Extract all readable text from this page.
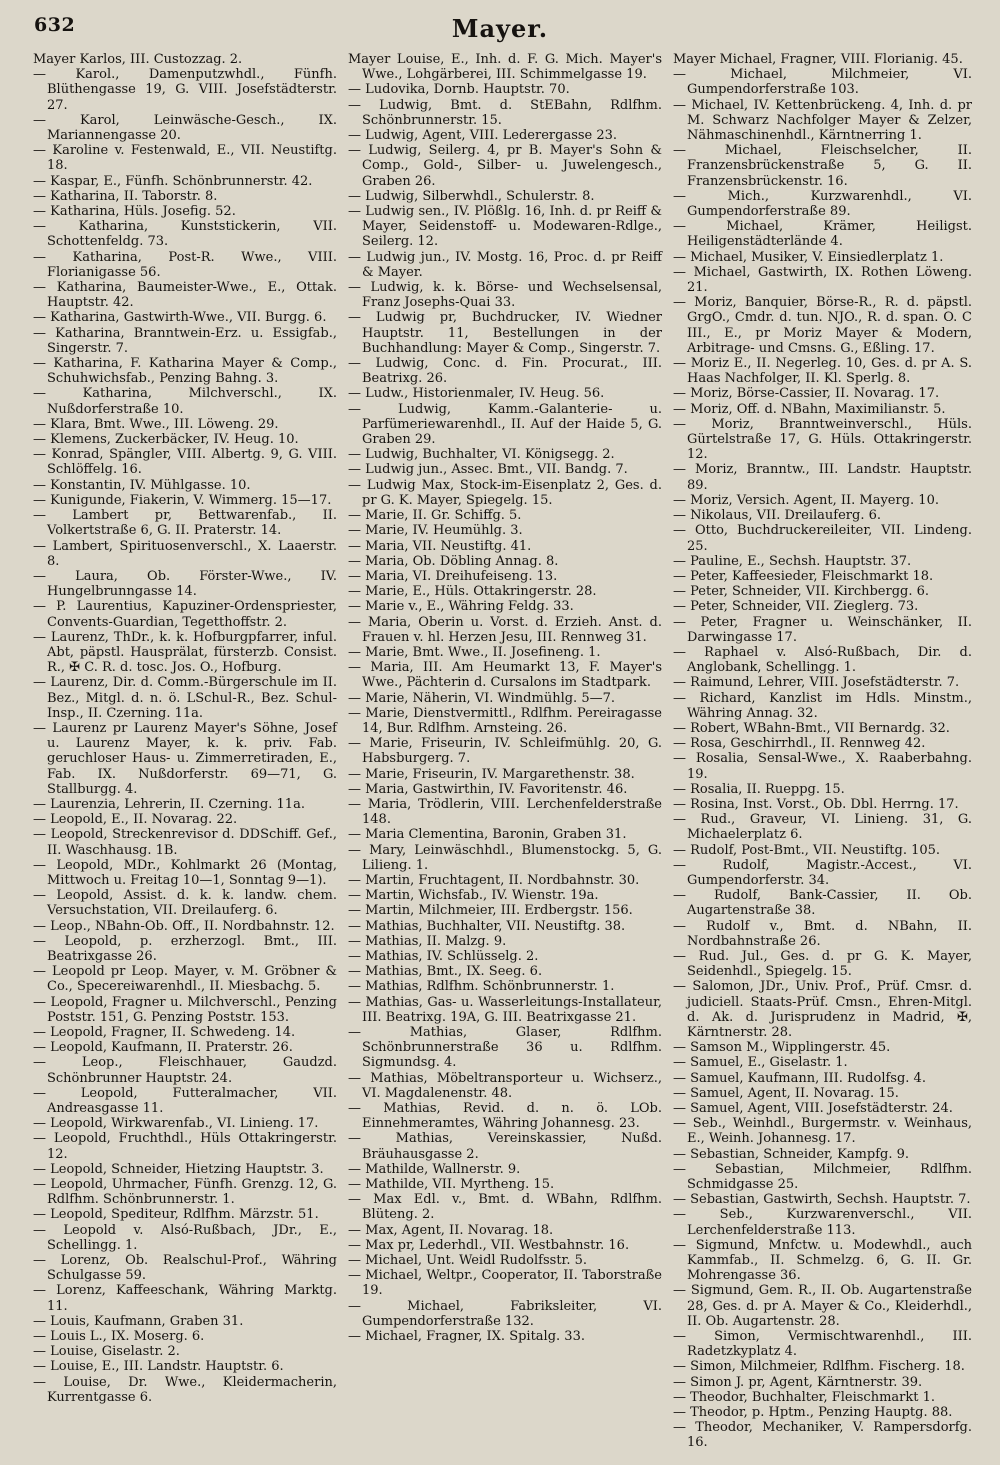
632	Mayer.

Mayer Karlos, III. Custozzag. 2.

— Karol., Damenputzwhdl., Fünfh. Blüthengasse 19, G. VIII. Josefstädterstr. 27.

— Karol, Leinwäsche-Gesch., IX. Mariannengasse 20.

— Karoline v. Festenwald, E., VII. Neustiftg. 18.

— Kaspar, E., Fünfh. Schönbrunnerstr. 42.

— Katharina, II. Taborstr. 8.

— Katharina, Hüls. Josefig. 52.

— Katharina, Kunststickerin, VII. Schottenfeldg. 73.

— Katharina, Post-R. Wwe., VIII. Florianigasse 56.

— Katharina, Baumeister-Wwe., E., Ottak. Hauptstr. 42.

— Katharina, Gastwirth-Wwe., VII. Burgg. 6.

— Katharina, Branntwein-Erz. u. Essigfab., Singerstr. 7.

— Katharina, F. Katharina Mayer & Comp., Schuhwichsfab., Penzing Bahng. 3.

— Katharina, Milchverschl., IX. Nußdorferstraße 10.

— Klara, Bmt. Wwe., III. Löweng. 29.

— Klemens, Zuckerbäcker, IV. Heug. 10.

— Konrad, Spängler, VIII. Albertg. 9, G. VIII. Schlöffelg. 16.

— Konstantin, IV. Mühlgasse. 10.

— Kunigunde, Fiakerin, V. Wimmerg. 15—17.

— Lambert pr, Bettwarenfab., II. Volkertstraße 6, G. II. Praterstr. 14.

— Lambert, Spirituosenverschl., X. Laaerstr. 8.

— Laura, Ob. Förster-Wwe., IV. Hungelbrunngasse 14.

— P. Laurentius, Kapuziner-Ordenspriester, Convents-Guardian, Tegetthoffstr. 2.

— Laurenz, ThDr., k. k. Hofburgpfarrer, inful. Abt, päpstl. Hausprälat, fürsterzb. Consist. R., ✠ C. R. d. tosc. Jos. O., Hofburg.

— Laurenz, Dir. d. Comm.-Bürgerschule im II. Bez., Mitgl. d. n. ö. LSchul-R., Bez. Schul-Insp., II. Czerning. 11a.

— Laurenz pr Laurenz Mayer's Söhne, Josef u. Laurenz Mayer, k. k. priv. Fab. geruchloser Haus- u. Zimmerretiraden, E., Fab. IX. Nußdorferstr. 69—71, G. Stallburgg. 4.

— Laurenzia, Lehrerin, II. Czerning. 11a.

— Leopold, E., II. Novarag. 22.

— Leopold, Streckenrevisor d. DDSchiff. Gef., II. Waschhausg. 1B.

— Leopold, MDr., Kohlmarkt 26 (Montag, Mittwoch u. Freitag 10—1, Sonntag 9—1).

— Leopold, Assist. d. k. k. landw. chem. Versuchstation, VII. Dreilauferg. 6.

— Leop., NBahn-Ob. Off., II. Nordbahnstr. 12.

— Leopold, p. erzherzogl. Bmt., III. Beatrixgasse 26.

— Leopold pr Leop. Mayer, v. M. Gröbner & Co., Specereiwarenhdl., II. Miesbachg. 5.

— Leopold, Fragner u. Milchverschl., Penzing Poststr. 151, G. Penzing Poststr. 153.

— Leopold, Fragner, II. Schwedeng. 14.

— Leopold, Kaufmann, II. Praterstr. 26.

— Leop., Fleischhauer, Gaudzd. Schönbrunner Hauptstr. 24.

— Leopold, Futteralmacher, VII. Andreasgasse 11.

— Leopold, Wirkwarenfab., VI. Linieng. 17.

— Leopold, Fruchthdl., Hüls Ottakringerstr. 12.

— Leopold, Schneider, Hietzing Hauptstr. 3.

— Leopold, Uhrmacher, Fünfh. Grenzg. 12, G. Rdlfhm. Schönbrunnerstr. 1.

— Leopold, Spediteur, Rdlfhm. Märzstr. 51.

— Leopold v. Alsó-Rußbach, JDr., E., Schellingg. 1.

— Lorenz, Ob. Realschul-Prof., Währing Schulgasse 59.

— Lorenz, Kaffeeschank, Währing Marktg. 11.

— Louis, Kaufmann, Graben 31.

— Louis L., IX. Moserg. 6.

— Louise, Giselastr. 2.

— Louise, E., III. Landstr. Hauptstr. 6.

— Louise, Dr. Wwe., Kleidermacherin, Kurrentgasse 6.

Mayer Louise, E., Inh. d. F. G. Mich. Mayer's Wwe., Lohgärberei, III. Schimmelgasse 19.

— Ludovika, Dornb. Hauptstr. 70.

— Ludwig, Bmt. d. StEBahn, Rdlfhm. Schönbrunnerstr. 15.

— Ludwig, Agent, VIII. Lederergasse 23.

— Ludwig, Seilerg. 4, pr B. Mayer's Sohn & Comp., Gold-, Silber- u. Juwelengesch., Graben 26.

— Ludwig, Silberwhdl., Schulerstr. 8.

— Ludwig sen., IV. Plößlg. 16, Inh. d. pr Reiff & Mayer, Seidenstoff- u. Modewaren-Rdlge., Seilerg. 12.

— Ludwig jun., IV. Mostg. 16, Proc. d. pr Reiff & Mayer.

— Ludwig, k. k. Börse- und Wechselsensal, Franz Josephs-Quai 33.

— Ludwig pr, Buchdrucker, IV. Wiedner Hauptstr. 11, Bestellungen in der Buchhandlung: Mayer & Comp., Singerstr. 7.

— Ludwig, Conc. d. Fin. Procurat., III. Beatrixg. 26.

— Ludw., Historienmaler, IV. Heug. 56.

— Ludwig, Kamm.-Galanterie- u. Parfümeriewarenhdl., II. Auf der Haide 5, G. Graben 29.

— Ludwig, Buchhalter, VI. Königsegg. 2.

— Ludwig jun., Assec. Bmt., VII. Bandg. 7.

— Ludwig Max, Stock-im-Eisenplatz 2, Ges. d. pr G. K. Mayer, Spiegelg. 15.

— Marie, II. Gr. Schiffg. 5.

— Marie, IV. Heumühlg. 3.

— Maria, VII. Neustiftg. 41.

— Maria, Ob. Döbling Annag. 8.

— Maria, VI. Dreihufeiseng. 13.

— Marie, E., Hüls. Ottakringerstr. 28.

— Marie v., E., Währing Feldg. 33.

— Maria, Oberin u. Vorst. d. Erzieh. Anst. d. Frauen v. hl. Herzen Jesu, III. Rennweg 31.

— Marie, Bmt. Wwe., II. Josefineng. 1.

— Maria, III. Am Heumarkt 13, F. Mayer's Wwe., Pächterin d. Cursalons im Stadtpark.

— Marie, Näherin, VI. Windmühlg. 5—7.

— Marie, Dienstvermittl., Rdlfhm. Pereiragasse 14, Bur. Rdlfhm. Arnsteing. 26.

— Marie, Friseurin, IV. Schleifmühlg. 20, G. Habsburgerg. 7.

— Marie, Friseurin, IV. Margarethenstr. 38.

— Maria, Gastwirthin, IV. Favoritenstr. 46.

— Maria, Trödlerin, VIII. Lerchenfelderstraße 148.

— Maria Clementina, Baronin, Graben 31.

— Mary, Leinwäschhdl., Blumenstockg. 5, G. Lilieng. 1.

— Martin, Fruchtagent, II. Nordbahnstr. 30.

— Martin, Wichsfab., IV. Wienstr. 19a.

— Martin, Milchmeier, III. Erdbergstr. 156.

— Mathias, Buchhalter, VII. Neustiftg. 38.

— Mathias, II. Malzg. 9.

— Mathias, IV. Schlüsselg. 2.

— Mathias, Bmt., IX. Seeg. 6.

— Mathias, Rdlfhm. Schönbrunnerstr. 1.

— Mathias, Gas- u. Wasserleitungs-Installateur, III. Beatrixg. 19A, G. III. Beatrixgasse 21.

— Mathias, Glaser, Rdlfhm. Schönbrunnerstraße 36 u. Rdlfhm. Sigmundsg. 4.

— Mathias, Möbeltransporteur u. Wichserz., VI. Magdalenenstr. 48.

— Mathias, Revid. d. n. ö. LOb. Einnehmeramtes, Währing Johannesg. 23.

— Mathias, Vereinskassier, Nußd. Bräuhausgasse 2.

— Mathilde, Wallnerstr. 9.

— Mathilde, VII. Myrtheng. 15.

— Max Edl. v., Bmt. d. WBahn, Rdlfhm. Blüteng. 2.

— Max, Agent, II. Novarag. 18.

— Max pr, Lederhdl., VII. Westbahnstr. 16.

— Michael, Unt. Weidl Rudolfsstr. 5.

— Michael, Weltpr., Cooperator, II. Taborstraße 19.

— Michael, Fabriksleiter, VI. Gumpendorferstraße 132.

— Michael, Fragner, IX. Spitalg. 33.

Mayer Michael, Fragner, VIII. Florianig. 45.

— Michael, Milchmeier, VI. Gumpendorferstraße 103.

— Michael, IV. Kettenbrückeng. 4, Inh. d. pr M. Schwarz Nachfolger Mayer & Zelzer, Nähmaschinenhdl., Kärntnerring 1.

— Michael, Fleischselcher, II. Franzensbrückenstraße 5, G. II. Franzensbrückenstr. 16.

— Mich., Kurzwarenhdl., VI. Gumpendorferstraße 89.

— Michael, Krämer, Heiligst. Heiligenstädterlände 4.

— Michael, Musiker, V. Einsiedlerplatz 1.

— Michael, Gastwirth, IX. Rothen Löweng. 21.

— Moriz, Banquier, Börse-R., R. d. päpstl. GrgO., Cmdr. d. tun. NJO., R. d. span. O. C III., E., pr Moriz Mayer & Modern, Arbitrage- und Cmsns. G., Eßling. 17.

— Moriz E., II. Negerleg. 10, Ges. d. pr A. S. Haas Nachfolger, II. Kl. Sperlg. 8.

— Moriz, Börse-Cassier, II. Novarag. 17.

— Moriz, Off. d. NBahn, Maximilianstr. 5.

— Moriz, Branntweinverschl., Hüls. Gürtelstraße 17, G. Hüls. Ottakringerstr. 12.

— Moriz, Branntw., III. Landstr. Hauptstr. 89.

— Moriz, Versich. Agent, II. Mayerg. 10.

— Nikolaus, VII. Dreilauferg. 6.

— Otto, Buchdruckereileiter, VII. Lindeng. 25.

— Pauline, E., Sechsh. Hauptstr. 37.

— Peter, Kaffeesieder, Fleischmarkt 18.

— Peter, Schneider, VII. Kirchbergg. 6.

— Peter, Schneider, VII. Zieglerg. 73.

— Peter, Fragner u. Weinschänker, II. Darwingasse 17.

— Raphael v. Alsó-Rußbach, Dir. d. Anglobank, Schellingg. 1.

— Raimund, Lehrer, VIII. Josefstädterstr. 7.

— Richard, Kanzlist im Hdls. Minstm., Währing Annag. 32.

— Robert, WBahn-Bmt., VII Bernardg. 32.

— Rosa, Geschirrhdl., II. Rennweg 42.

— Rosalia, Sensal-Wwe., X. Raaberbahng. 19.

— Rosalia, II. Rueppg. 15.

— Rosina, Inst. Vorst., Ob. Dbl. Herrng. 17.

— Rud., Graveur, VI. Linieng. 31, G. Michaelerplatz 6.

— Rudolf, Post-Bmt., VII. Neustiftg. 105.

— Rudolf, Magistr.-Accest., VI. Gumpendorferstr. 34.

— Rudolf, Bank-Cassier, II. Ob. Augartenstraße 38.

— Rudolf v., Bmt. d. NBahn, II. Nordbahnstraße 26.

— Rud. Jul., Ges. d. pr G. K. Mayer, Seidenhdl., Spiegelg. 15.

— Salomon, JDr., Univ. Prof., Prüf. Cmsr. d. judiciell. Staats-Prüf. Cmsn., Ehren-Mitgl. d. Ak. d. Jurisprudenz in Madrid, ✠, Kärntnerstr. 28.

— Samson M., Wipplingerstr. 45.

— Samuel, E., Giselastr. 1.

— Samuel, Kaufmann, III. Rudolfsg. 4.

— Samuel, Agent, II. Novarag. 15.

— Samuel, Agent, VIII. Josefstädterstr. 24.

— Seb., Weinhdl., Burgermstr. v. Weinhaus, E., Weinh. Johannesg. 17.

— Sebastian, Schneider, Kampfg. 9.

— Sebastian, Milchmeier, Rdlfhm. Schmidgasse 25.

— Sebastian, Gastwirth, Sechsh. Hauptstr. 7.

— Seb., Kurzwarenverschl., VII. Lerchenfelderstraße 113.

— Sigmund, Mnfctw. u. Modewhdl., auch Kammfab., II. Schmelzg. 6, G. II. Gr. Mohrengasse 36.

— Sigmund, Gem. R., II. Ob. Augartenstraße 28, Ges. d. pr A. Mayer & Co., Kleiderhdl., II. Ob. Augartenstr. 28.

— Simon, Vermischtwarenhdl., III. Radetzkyplatz 4.

— Simon, Milchmeier, Rdlfhm. Fischerg. 18.

— Simon J. pr, Agent, Kärntnerstr. 39.

— Theodor, Buchhalter, Fleischmarkt 1.

— Theodor, p. Hptm., Penzing Hauptg. 88.

— Theodor, Mechaniker, V. Rampersdorfg. 16.
